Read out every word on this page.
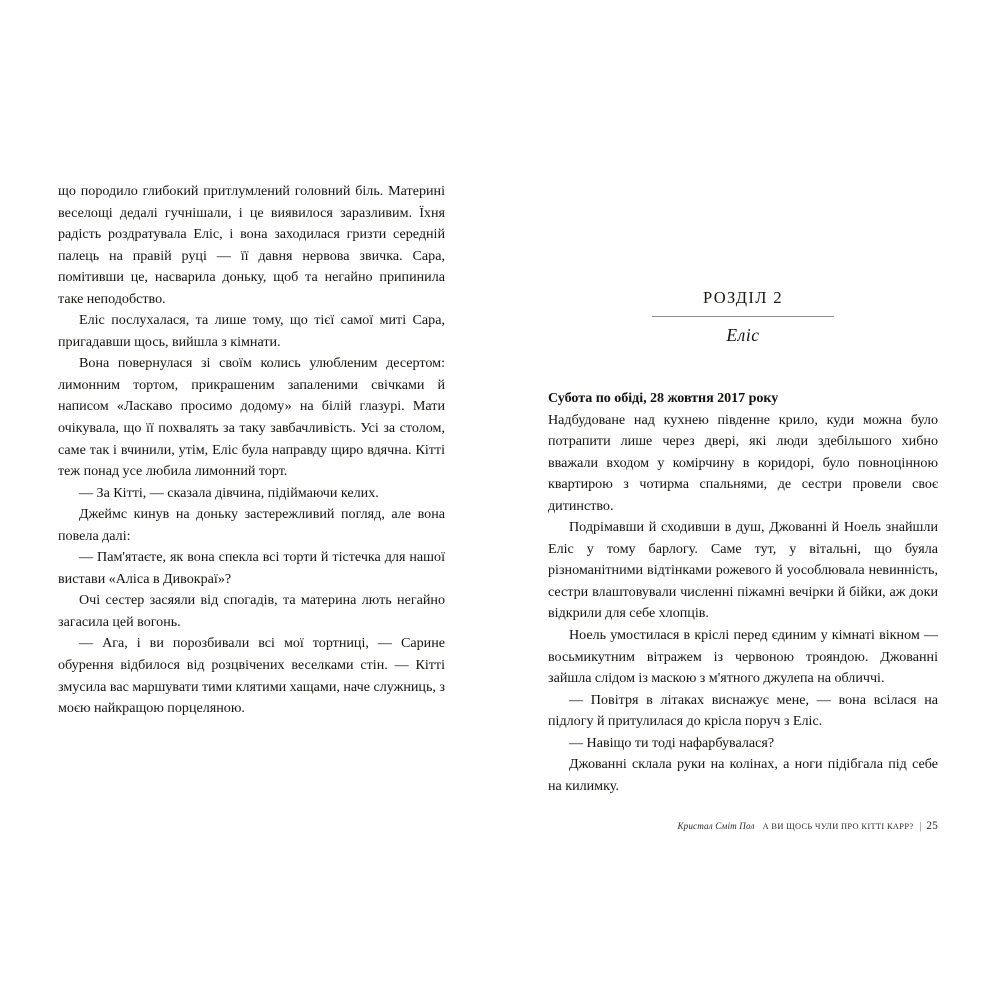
що породило глибокий притлумлений головний біль. Материні веселощі дедалі гучнішали, і це виявилося заразливим. Їхня радість роздратувала Еліс, і вона заходилася гризти середній палець на правій руці — її давня нервова звичка. Сара, помітивши це, насварила доньку, щоб та негайно припинила таке неподобство.

Еліс послухалася, та лише тому, що тієї самої миті Сара, пригадавши щось, вийшла з кімнати.

Вона повернулася зі своїм колись улюбленим десертом: лимонним тортом, прикрашеним запаленими свічками й написом «Ласкаво просимо додому» на білій глазурі. Мати очікувала, що її похвалять за таку завбачливість. Усі за столом, саме так і вчинили, утім, Еліс була направду щиро вдячна. Кітті теж понад усе любила лимонний торт.

— За Кітті, — сказала дівчина, підіймаючи келих.

Джеймс кинув на доньку застережливий погляд, але вона повела далі:

— Пам'ятаєте, як вона спекла всі торти й тістечка для нашої вистави «Аліса в Дивокраї»?

Очі сестер засяяли від спогадів, та материна лють негайно загасила цей вогонь.

— Ага, і ви порозбивали всі мої тортниці, — Сарине обурення відбилося від розцвічених веселками стін. — Кітті змусила вас маршувати тими клятими хащами, наче служниць, з моєю найкращою порцеляною.

РОЗДІЛ 2
Еліс

Субота по обіді, 28 жовтня 2017 року

Надбудоване над кухнею південне крило, куди можна було потрапити лише через двері, які люди здебільшого хибно вважали входом у комірчину в коридорі, було повноцінною квартирою з чотирма спальнями, де сестри провели своє дитинство.

Подрімавши й сходивши в душ, Джованні й Ноель знайшли Еліс у тому барлогу. Саме тут, у вітальні, що буяла різноманітними відтінками рожевого й уособлювала невинність, сестри влаштовували численні піжамні вечірки й бійки, аж доки відкрили для себе хлопців.

Ноель умостилася в кріслі перед єдиним у кімнаті вікном — восьмикутним вітражем із червоною трояндою. Джованні зайшла слідом із маскою з м'ятного джулепа на обличчі.

— Повітря в літаках виснажує мене, — вона всілася на підлогу й притулилася до крісла поруч з Еліс.

— Навіщо ти тоді нафарбувалася?

Джованні склала руки на колінах, а ноги підібгала під себе на килимку.

Кристал Сміт Пол А ВИ ЩОСЬ ЧУЛИ ПРО КІТТІ КАРР? | 25
